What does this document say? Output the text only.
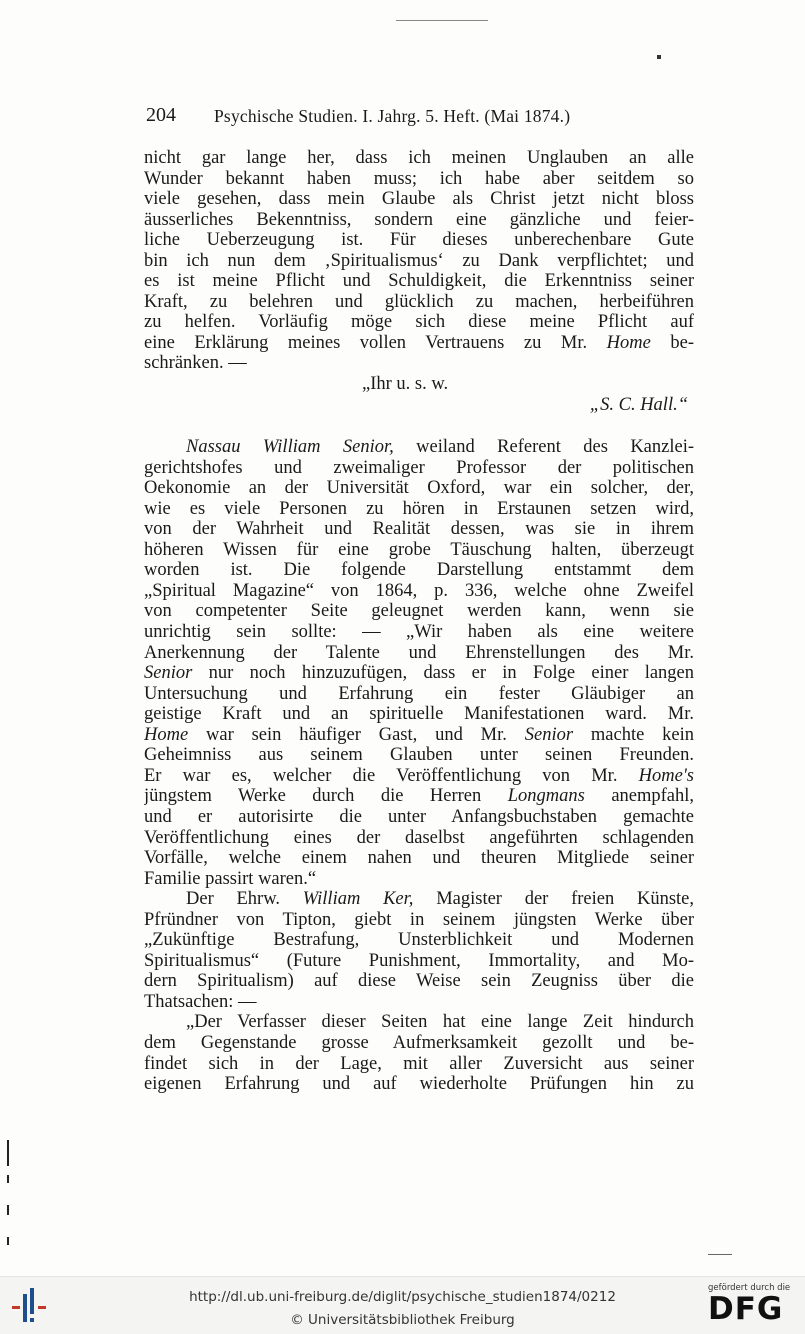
204 Psychische Studien. I. Jahrg. 5. Heft. (Mai 1874.)
nicht gar lange her, dass ich meinen Unglauben an alle
Wunder bekannt haben muss; ich habe aber seitdem so
viele gesehen, dass mein Glaube als Christ jetzt nicht bloss
äusserliches Bekenntniss, sondern eine gänzliche und feier-
liche Ueberzeugung ist. Für dieses unberechenbare Gute
bin ich nun dem ‚Spiritualismus‘ zu Dank verpflichtet; und
es ist meine Pflicht und Schuldigkeit, die Erkenntniss seiner
Kraft, zu belehren und glücklich zu machen, herbeiführen
zu helfen. Vorläufig möge sich diese meine Pflicht auf
eine Erklärung meines vollen Vertrauens zu Mr. Home be-
schränken. —
„Ihr u. s. w.
„S. C. Hall.“
Nassau William Senior, weiland Referent des Kanzlei-
gerichtshofes und zweimaliger Professor der politischen
Oekonomie an der Universität Oxford, war ein solcher, der,
wie es viele Personen zu hören in Erstaunen setzen wird,
von der Wahrheit und Realität dessen, was sie in ihrem
höheren Wissen für eine grobe Täuschung halten, überzeugt
worden ist. Die folgende Darstellung entstammt dem
„Spiritual Magazine“ von 1864, p. 336, welche ohne Zweifel
von competenter Seite geleugnet werden kann, wenn sie
unrichtig sein sollte: — „Wir haben als eine weitere
Anerkennung der Talente und Ehrenstellungen des Mr.
Senior nur noch hinzuzufügen, dass er in Folge einer langen
Untersuchung und Erfahrung ein fester Gläubiger an
geistige Kraft und an spirituelle Manifestationen ward. Mr.
Home war sein häufiger Gast, und Mr. Senior machte kein
Geheimniss aus seinem Glauben unter seinen Freunden.
Er war es, welcher die Veröffentlichung von Mr. Home's
jüngstem Werke durch die Herren Longmans anempfahl,
und er autorisirte die unter Anfangsbuchstaben gemachte
Veröffentlichung eines der daselbst angeführten schlagenden
Vorfälle, welche einem nahen und theuren Mitgliede seiner
Familie passirt waren.“
Der Ehrw. William Ker, Magister der freien Künste,
Pfründner von Tipton, giebt in seinem jüngsten Werke über
„Zukünftige Bestrafung, Unsterblichkeit und Modernen
Spiritualismus“ (Future Punishment, Immortality, and Mo-
dern Spiritualism) auf diese Weise sein Zeugniss über die
Thatsachen: —
„Der Verfasser dieser Seiten hat eine lange Zeit hindurch
dem Gegenstande grosse Aufmerksamkeit gezollt und be-
findet sich in der Lage, mit aller Zuversicht aus seiner
eigenen Erfahrung und auf wiederholte Prüfungen hin zu
http://dl.ub.uni-freiburg.de/diglit/psychische_studien1874/0212
© Universitätsbibliothek Freiburg
gefördert durch die
DFG
